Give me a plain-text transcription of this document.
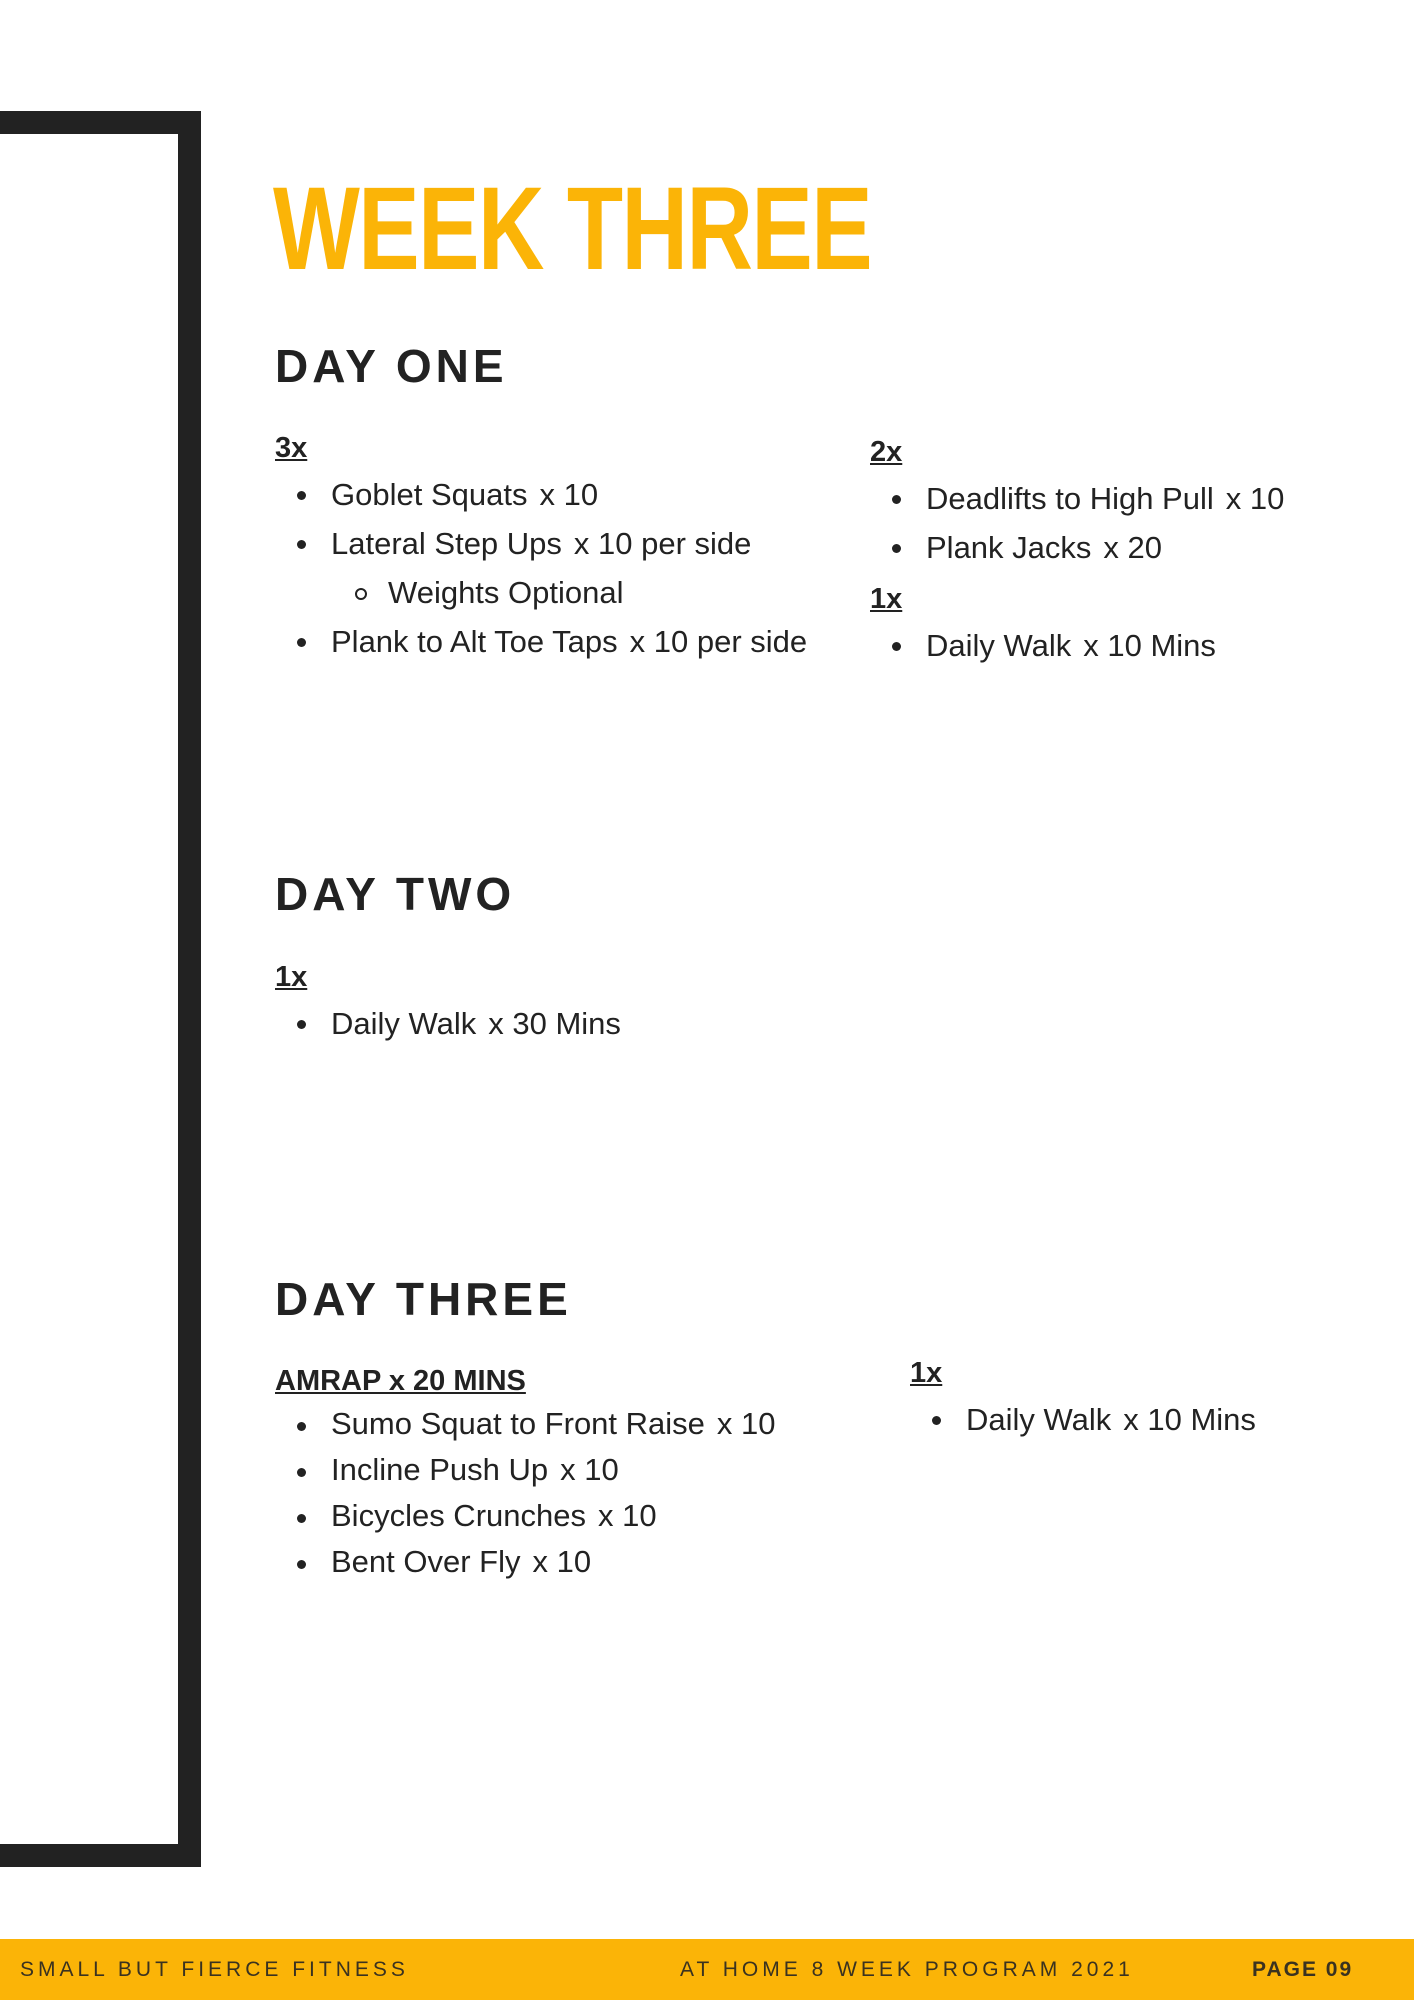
WEEK THREE
DAY ONE
3x
Goblet Squats x 10
Lateral Step Ups x 10 per side
Weights Optional
Plank to Alt Toe Taps x 10 per side
2x
Deadlifts to High Pull x 10
Plank Jacks x 20
1x
Daily Walk x 10 Mins
DAY TWO
1x
Daily Walk x 30 Mins
DAY THREE
AMRAP x 20 MINS
Sumo Squat to Front Raise x 10
Incline Push Up x 10
Bicycles Crunches x 10
Bent Over Fly x 10
1x
Daily Walk x 10 Mins
SMALL BUT FIERCE FITNESS	AT HOME 8 WEEK PROGRAM 2021	PAGE 09
